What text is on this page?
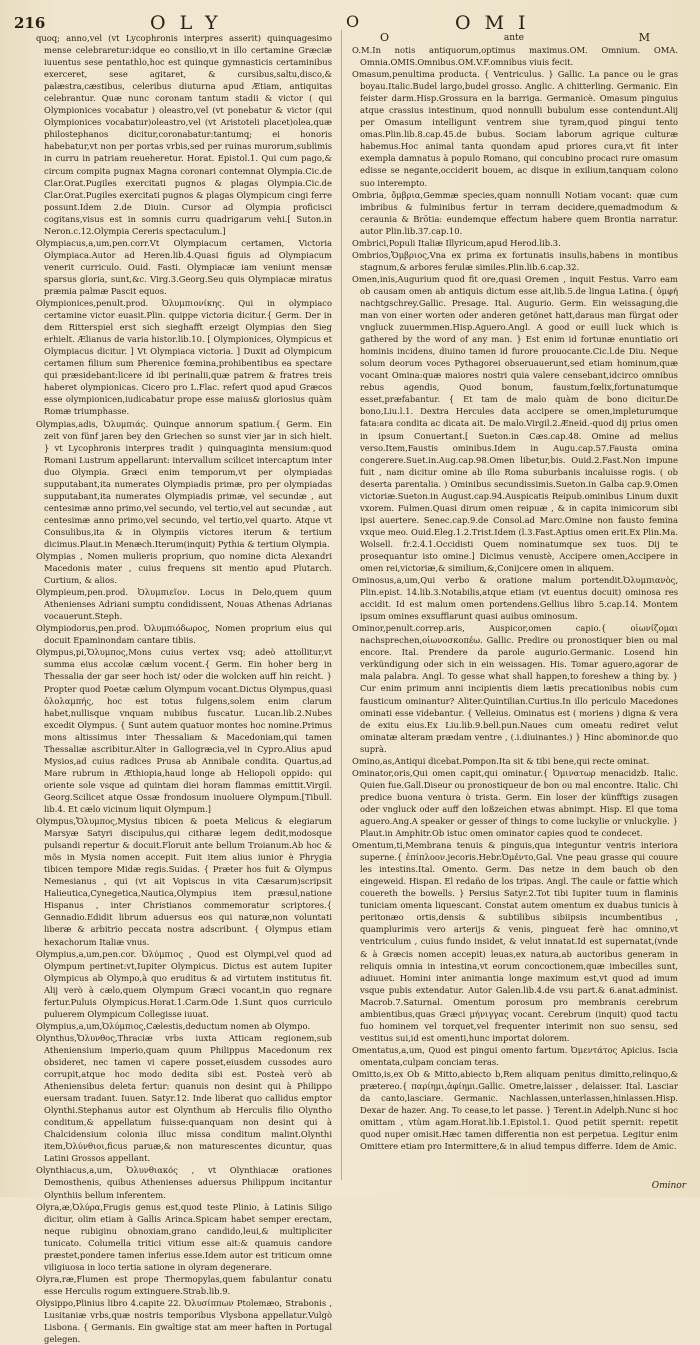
216	OLY	O	OMI

quoq; anno,vel (vt Lycophronis interpres asserit) quinquagesimo mense celebraretur:idque eo consilio,vt in illo certamine Græciæ iuuentus sese pentathlo,hoc est quinque gymnasticis certaminibus exerceret, sese agitaret, & cursibus,saltu,disco,& palæstra,cæstibus, celeribus diuturna apud Ætiam, antiquitas celebrantur. Quæ nunc coronam tantum stadii & victor ( qui Olympionices vocabatur ) oleastro,vel (vt ponebatur & victor (qui Olympionices vocabatur)oleastro,vel (vt Aristoteli placet)olea,quæ philostephanos dicitur,coronabatur:tantumq; ei honoris habebatur,vt non per portas vrbis,sed per ruinas murorum,sublimis in curru in patriam reueheretur. Horat. Epistol.1. Qui cum pago,& circum compita pugnax Magna coronari contemnat Olympia.Cic.de Clar.Orat.Pugiles exercitati pugnos & plagas Olympia.Cic.de Clar.Orat.Pugiles exercitati pugnos & plagas Olympicum cingi ferre possunt.Idem 2.de Diuin. Cursor ad Olympia proficisci cogitans,visus est in somnis curru quadrigarum vehi.[ Suton.in Neron.c.12.Olympia Cereris spectaculum.]

Olympiacus,a,um,pen.corr.Vt Olympiacum certamen, Victoria Olympiaca.Autor ad Heren.lib.4.Quasi figuis ad Olympiacum venerit curriculo. Ouid. Fasti. Olympiacæ iam veniunt mensæ sparsus gloria, sunt,&c. Virg.3.Georg.Seu quis Olympiacæ miratus præmia palmæ Pascit equos.

Olympionices,penult.prod. Ὀλυμπιονίκης. Qui in olympiaco certamine victor euasit.Plin. quippe victoria dicitur.{ Germ. Der in dem Ritterspiel erst sich sieghafft erzeigt Olympias den Sieg erhielt. Ælianus de varia histor.lib.10. [ Olympionices, Olympicus et Olympiacus dicitur. ] Vt Olympiaca victoria. ] Duxit ad Olympicum certamen filium sum Pherenice fœmina,prohibentibus ea spectare qui præsidebant:licere id ibi perinalii,quæ patrem & fratres treis haberet olympionicas. Cicero pro L.Flac. refert quod apud Græcos esse olympionicen,iudicabatur prope esse maius& gloriosius quàm Romæ triumphasse.

Olympias,adis, Ὀλυμπιάς. Quinque annorum spatium.{ Germ. Ein zeit von fünf jaren bey den Griechen so sunst vier jar in sich hielt. } vt Lycophronis interpres tradit ) quinquaginta mensium:quod Romani Lustrum appellarunt: intervallum scilicet intercaptum inter duo Olympia. Græci enim temporum,vt per olympiadas supputabant,ita numerates Olympiadis primæ, pro per olympiadas supputabant,ita numerates Olympiadis primæ, vel secundæ , aut centesimæ anno primo,vel secundo, vel tertio,vel aut secundæ , aut centesimæ anno primo,vel secundo, vel tertio,vel quarto. Atque vt Consulibus,ita & in Olympiis victores iterum & tertium dicimus.Plaut.in Menæch.Iterum(inquit) Pythia & tertium Olympia.

Olympias , Nomen mulieris proprium, quo nomine dicta Alexandri Macedonis mater , cuius frequens sit mentio apud Plutarch. Curtium, & alios.

Olympieum,pen.prod. Ὀλυμπιεῖον. Locus in Delo,quem quum Athenienses Adriani sumptu condidissent, Nouas Athenas Adrianas vocauerunt.Steph.

Olympiodorus,pen.prod. Ὀλυμπιόδωρος, Nomen proprium eius qui docuit Epaminondam cantare tibiis.

Olympus,pi,Ὄλυμπος,Mons cuius vertex vsq; adeò attollitur,vt summa eius accolæ cælum vocent.{ Germ. Ein hoher berg in Thessalia der gar seer hoch ist/ oder die wolcken auff hin reicht. } Propter quod Poetæ cælum Olympum vocant.Dictus Olympus,quasi ὁλολαμπής, hoc est totus fulgens,solem enim clarum habet,nullisque vnquam nubibus fuscatur. Lucan.lib.2.Nubes excedit Olympus. { Sunt autem quatuor montes hoc nomine.Primus mons altissimus inter Thessaliam & Macedoniam,qui tamen Thessaliæ ascribitur.Alter in Gallogræcia,vel in Cypro.Alius apud Mysios,ad cuius radices Prusa ab Annibale condita. Quartus,ad Mare rubrum in Æthiopia,haud longe ab Heliopoli oppido: qui oriente sole vsque ad quintam diei horam flammas emittit.Virgil. Georg.Scilicet atque Ossæ frondosum inuoluere Olympum.[Tibull. lib.4. Et cælo vicinum liquit Olympum.]

Olympus,Ὄλυμπος,Mysius tibicen & poeta Melicus & elegiarum Marsyæ Satyri discipulus,qui citharæ legem dedit,modosque pulsandi repertur & docuit.Floruit ante bellum Troianum.Ab hoc & mõs in Mysia nomen accepit. Fuit item alius iunior è Phrygia tibicen tempore Midæ regis.Suidas. { Præter hos fuit & Olympus Nemesianus , qui (vt ait Vopiscus in vita Cæsarum)scripsit Halieutica,Cynegetica,Nautica,Olympius item præsul,natione Hispanus , inter Christianos commemoratur scriptores.{ Gennadio.Edidit librum aduersus eos qui naturæ,non voluntati liberæ & arbitrio peccata nostra adscribunt. { Olympus etiam hexachorum Italiæ vnus.

Olympius,a,um,pen.cor. Ὀλύμπιος , Quod est Olympi,vel quod ad Olympum pertinet:vt,Iupiter Olympicus. Dictus est autem Iupiter Olympicus ab Olympo,à quo eruditus & ad virtutem institutus fit. Alij verò à cælo,quem Olympum Græci vocant,in quo regnare fertur.Puluis Olympicus.Horat.1.Carm.Ode 1.Sunt quos curriculo puluerem Olympicum Collegisse iuuat.

Olympius,a,um,Ὀλύμπιος,Cælestis,deductum nomen ab Olympo.

Olynthus,Ὄλυνθος,Thraciæ vrbs iuxta Atticam regionem,sub Atheniensium imperio,quam quum Philippus Macedonum rex obsideret, nec tamen vi capere posset,eiusdem cussodes auro corrupit,atque hoc modo dedita sibi est. Posteà verò ab Atheniensibus deleta fertur: quanuis non desint qui à Philippo euersam tradant. Iuuen. Satyr.12. Inde liberat quo callidus emptor Olynthi.Stephanus autor est Olynthum ab Herculis filio Olyntho conditum,& appellatum fuisse:quanquam non desint qui à Chalcidensium colonia illuc missa conditum malint.Olynthi item,Ὀλύνθιοι,ficus paruæ,& non maturescentes dicuntur, quas Latini Grossos appellant.

Olynthiacus,a,um, Ὀλυνθιακός , vt Olynthiacæ orationes Demosthenis, quibus Athenienses aduersus Philippum incitantur Olynthiis bellum inferentem.

Olyra,æ,Ὀλύρα,Frugis genus est,quod teste Plinio, à Latinis Siligo dicitur, olim etiam à Gallis Arinca.Spicam habet semper erectam, neque rubiginu obnoxiam,grano candido,leui,& multipliciter tunicato. Columella tritici vitium esse ait:& quamuis candore præstet,pondere tamen inferius esse.Idem autor est triticum omne viligiuosa in loco tertia satione in olyram degenerare.

Olyra,ræ,Flumen est prope Thermopylas,quem fabulantur conatu esse Herculis rogum extinguere.Strab.lib.9.

Olysippo,Plinius libro 4.capite 22. Ὀλυσίππων Ptolemæo, Strabonis , Lusitaniæ vrbs,quæ nostris temporibus Vlysbona appellatur.Vulgò Lisbona. { Germanis. Ein gwaltige stat am meer haften in Portugal gelegen.

O	ante	M

O.M.In notis antiquorum,optimus maximus.OM. Omnium. OMA. Omnia.OMIS.Omnibus.OM.V.F.omnibus viuis fecit.

Omasum,penultima producta. { Ventriculus. } Gallic. La pance ou le gras boyau.Italic.Budel largo,budel grosso. Anglic. A chitterling. Germanic. Ein feister darm.Hisp.Grossura en la barriga. Germanicè. Omasum pinguius atque crassius intestinum, quod nonnulli bubulum esse contendunt.Alij per Omasum intelligunt ventrem siue tyram,quod pingui tento omas.Plin.lib.8.cap.45.de bubus. Sociam laborum agrique culturæ habemus.Hoc animal tanta quondam apud priores cura,vt fit inter exempla damnatus à populo Romano, qui concubino procaci rure omasum edisse se negante,occiderit bouem, ac disque in exilium,tanquam colono suo interempto.

Ombria, ὄμβρια,Gemmæ species,quam nonnulli Notiam vocant: quæ cum imbribus & fulminibus fertur in terram decidere,quemadmodum & ceraunia & Brōtia: eundemque effectum habere quem Brontia narratur. autor Plin.lib.37.cap.10.

Ombrici,Populi Italiæ Illyricum,apud Herod.lib.3.

Ombrios,Ὄμβριος,Vna ex prima ex fortunatis insulis,habens in montibus stagnum,& arbores ferulæ similes.Plin.lib.6.cap.32.

Omen,inis,Augurium quod fit ore,quasi Oremen , inquit Festus. Varro eam ob causam omen ab antiquis dictum esse ait,lib.5.de lingua Latina.{ ὀμφή nachtgschrey.Gallic. Presage. Ital. Augurio. Germ. Ein weissagung,die man von einer worten oder anderen getönet hatt,daraus man fürgat oder vngluck zuuermmen.Hisp.Aguero.Angl. A good or euill luck which is gathered by the word of any man. } Est enim id fortunæ enuntiatio ori hominis incidens, diuino tamen id furore prouocante.Cic.l.de Diu. Neque solum deorum voces Pythagorei obseruauerunt,sed etiam hominum,quæ vocant Omina:quæ maiores nostri quia valere censebant,idcirco omnibus rebus agendis, Quod bonum, faustum,fœlix,fortunatumque esset,præfabantur. { Et tam de malo quàm de bono dicitur.De bono,Liu.l.1. Dextra Hercules data accipere se omen,impleturumque fata:ara condita ac dicata ait. De malo.Virgil.2.Æneid.-quod dij prius omen in ipsum Conuertant.[ Sueton.in Cæs.cap.48. Omine ad melius verso.Item,Faustis ominibus.Idem in Augu.cap.57.Fausta omina congerere.Suet.in.Aug.cap.98.Omen libetur,bis. Ouid.2.Fast.Non impune fuit , nam dicitur omine ab illo Roma suburbanis incaluisse rogis. ( ob deserta parentalia. ) Ominibus secundissimis.Sueton.in Galba cap.9.Omen victoriæ.Sueton.in August.cap.94.Auspicatis Reipub.ominibus Linum duxit vxorem. Fulmen.Quasi dirum omen reipuæ , & in capita inimicorum sibi ipsi auertere. Senec.cap.9.de Consol.ad Marc.Omine non fausto femina vxque meo. Ouid.Eleg.1.2.Trist.Idem (l.3.Fast.Aptius omen erit.Ex Plin.Ma. Wolsell. fr.2.4.1.Occidisti Quem nominatumque sex tuos. Dij te prosequantur isto omine.] Dicimus venustè, Accipere omen,Accipere in omen rei,victoriæ,& similium,&,Conijcere omen in aliquem.

Ominosus,a,um,Qui verbo & oratione malum portendit.Ὀλυμπιανὸς, Plin.epist. 14.lib.3.Notabilis,atque etiam (vt euentus docuit) ominosa res accidit. Id est malum omen portendens.Gellius libro 5.cap.14. Montem ipsum omines exsufflarunt quasi auibus ominosum.

Ominor,penult.correp.aris, Auspicor,omen capio.{ οἰωνίζομαι nachsprechen,οἰωνοσκοπέω. Gallic. Predire ou pronostiquer bien ou mal encore. Ital. Prendere da parole augurio.Germanic. Losend hin verkündigung oder sich in ein weissagen. His. Tomar aguero,agorar de mala palabra. Angl. To gesse what shall happen,to foreshew a thing by. } Cur enim primum anni incipientis diem lætis precationibus nobis cum fausticum ominantur? Aliter.Quintilian.Curtius.In illo periculo Macedones ominati esse videbantur. { Velleius. Ominatus est ( moriens ) digna & vera de exitu eius.Ex Liu.lib.9.bell.pun.Naues cum omeatu rediret velut ominatæ alteram prædam ventre , (.i.diuinantes.) } Hinc abominor.de quo suprà.

Omino,as,Antiqui dicebat.Pompon.Ita sit & tibi bene,qui recte ominat.

Ominator,oris,Qui omen capit,qui ominatur.{ Ὀμινατωρ menacidzb. Italic. Quien fue.Gall.Diseur ou pronostiqueur de bon ou mal encontre. Italic. Chi predice buona ventura ò trista. Germ. Ein loser der künfftigs zusagen oder vngluck oder auff den loßzeichen etwas abnimpt. Hisp. El que toma aguero.Ang.A speaker or gesser of things to come luckylie or vnluckylie. } Plaut.in Amphitr.Ob istuc omen ominator capies quod te condecet.

Omentum,ti,Membrana tenuis & pinguis,qua integuntur ventris interiora superne.{ ἐπίπλοον.jecoris.Hebr.Ὀμέντο,Gal. Vne peau grasse qui couure les intestins.Ital. Omento. Germ. Das netze in dem bauch ob den eingeweid. Hispan. El redaño de los tripas. Angl. The caule or fattie which couereth the bowells. } Persius Satyr.2.Tot tibi Iupiter tuum in flaminis tuniciam omenta liquescant. Constat autem omentum ex duabus tunicis à peritonæo ortis,densis & subtilibus sibiipsis incumbentibus , quamplurimis vero arterijs & venis, pingueat ferè hac omnino,vt ventriculum , cuius fundo insidet, & velut innatat.Id est supernatat,(vnde & à Græcis nomen accepit) leuas,ex natura,ab auctoribus generam in reliquis omnia in intestina,vt eorum concoctionem,quæ imbecilles sunt, adiuuet. Homini inter animantia longe maximum est,vt quod ad imum vsque pubis extendatur. Autor Galen.lib.4.de vsu part.& 6.anat.administ. Macrob.7.Saturnal. Omentum porosum pro membranis cerebrum ambientibus,quas Græci μήνιγγας vocant. Cerebrum (inquit) quod tactu fuo hominem vel torquet,vel frequenter interimit non suo sensu, sed vestitus sui,id est omenti,hunc importat dolorem.

Omentatus,a,um, Quod est pingui omento fartum. Ὀμεντάτος Apicius. Iscia omentata,culpam conciam teras.

Omitto,is,ex Ob & Mitto,abiecto b,Rem aliquam penitus dimitto,relinquo,& prætereo.{ παρίημι,ἀφίημι.Gallic. Ometre,laisser , delaisser. Ital. Lasciar da canto,lasciare. Germanic. Nachlassen,unterlassen,hinlassen.Hisp. Dexar de hazer. Ang. To cease,to let passe. } Terent.in Adelph.Nunc si hoc omittam , vtùm agam.Horat.lib.1.Epistol.1. Quod petiit spernit: repetit quod nuper omisit.Hæc tamen differentia non est perpetua. Legitur enim Omittere etiam pro Intermittere,& in aliud tempus differre. Idem de Amic.

Ominor
